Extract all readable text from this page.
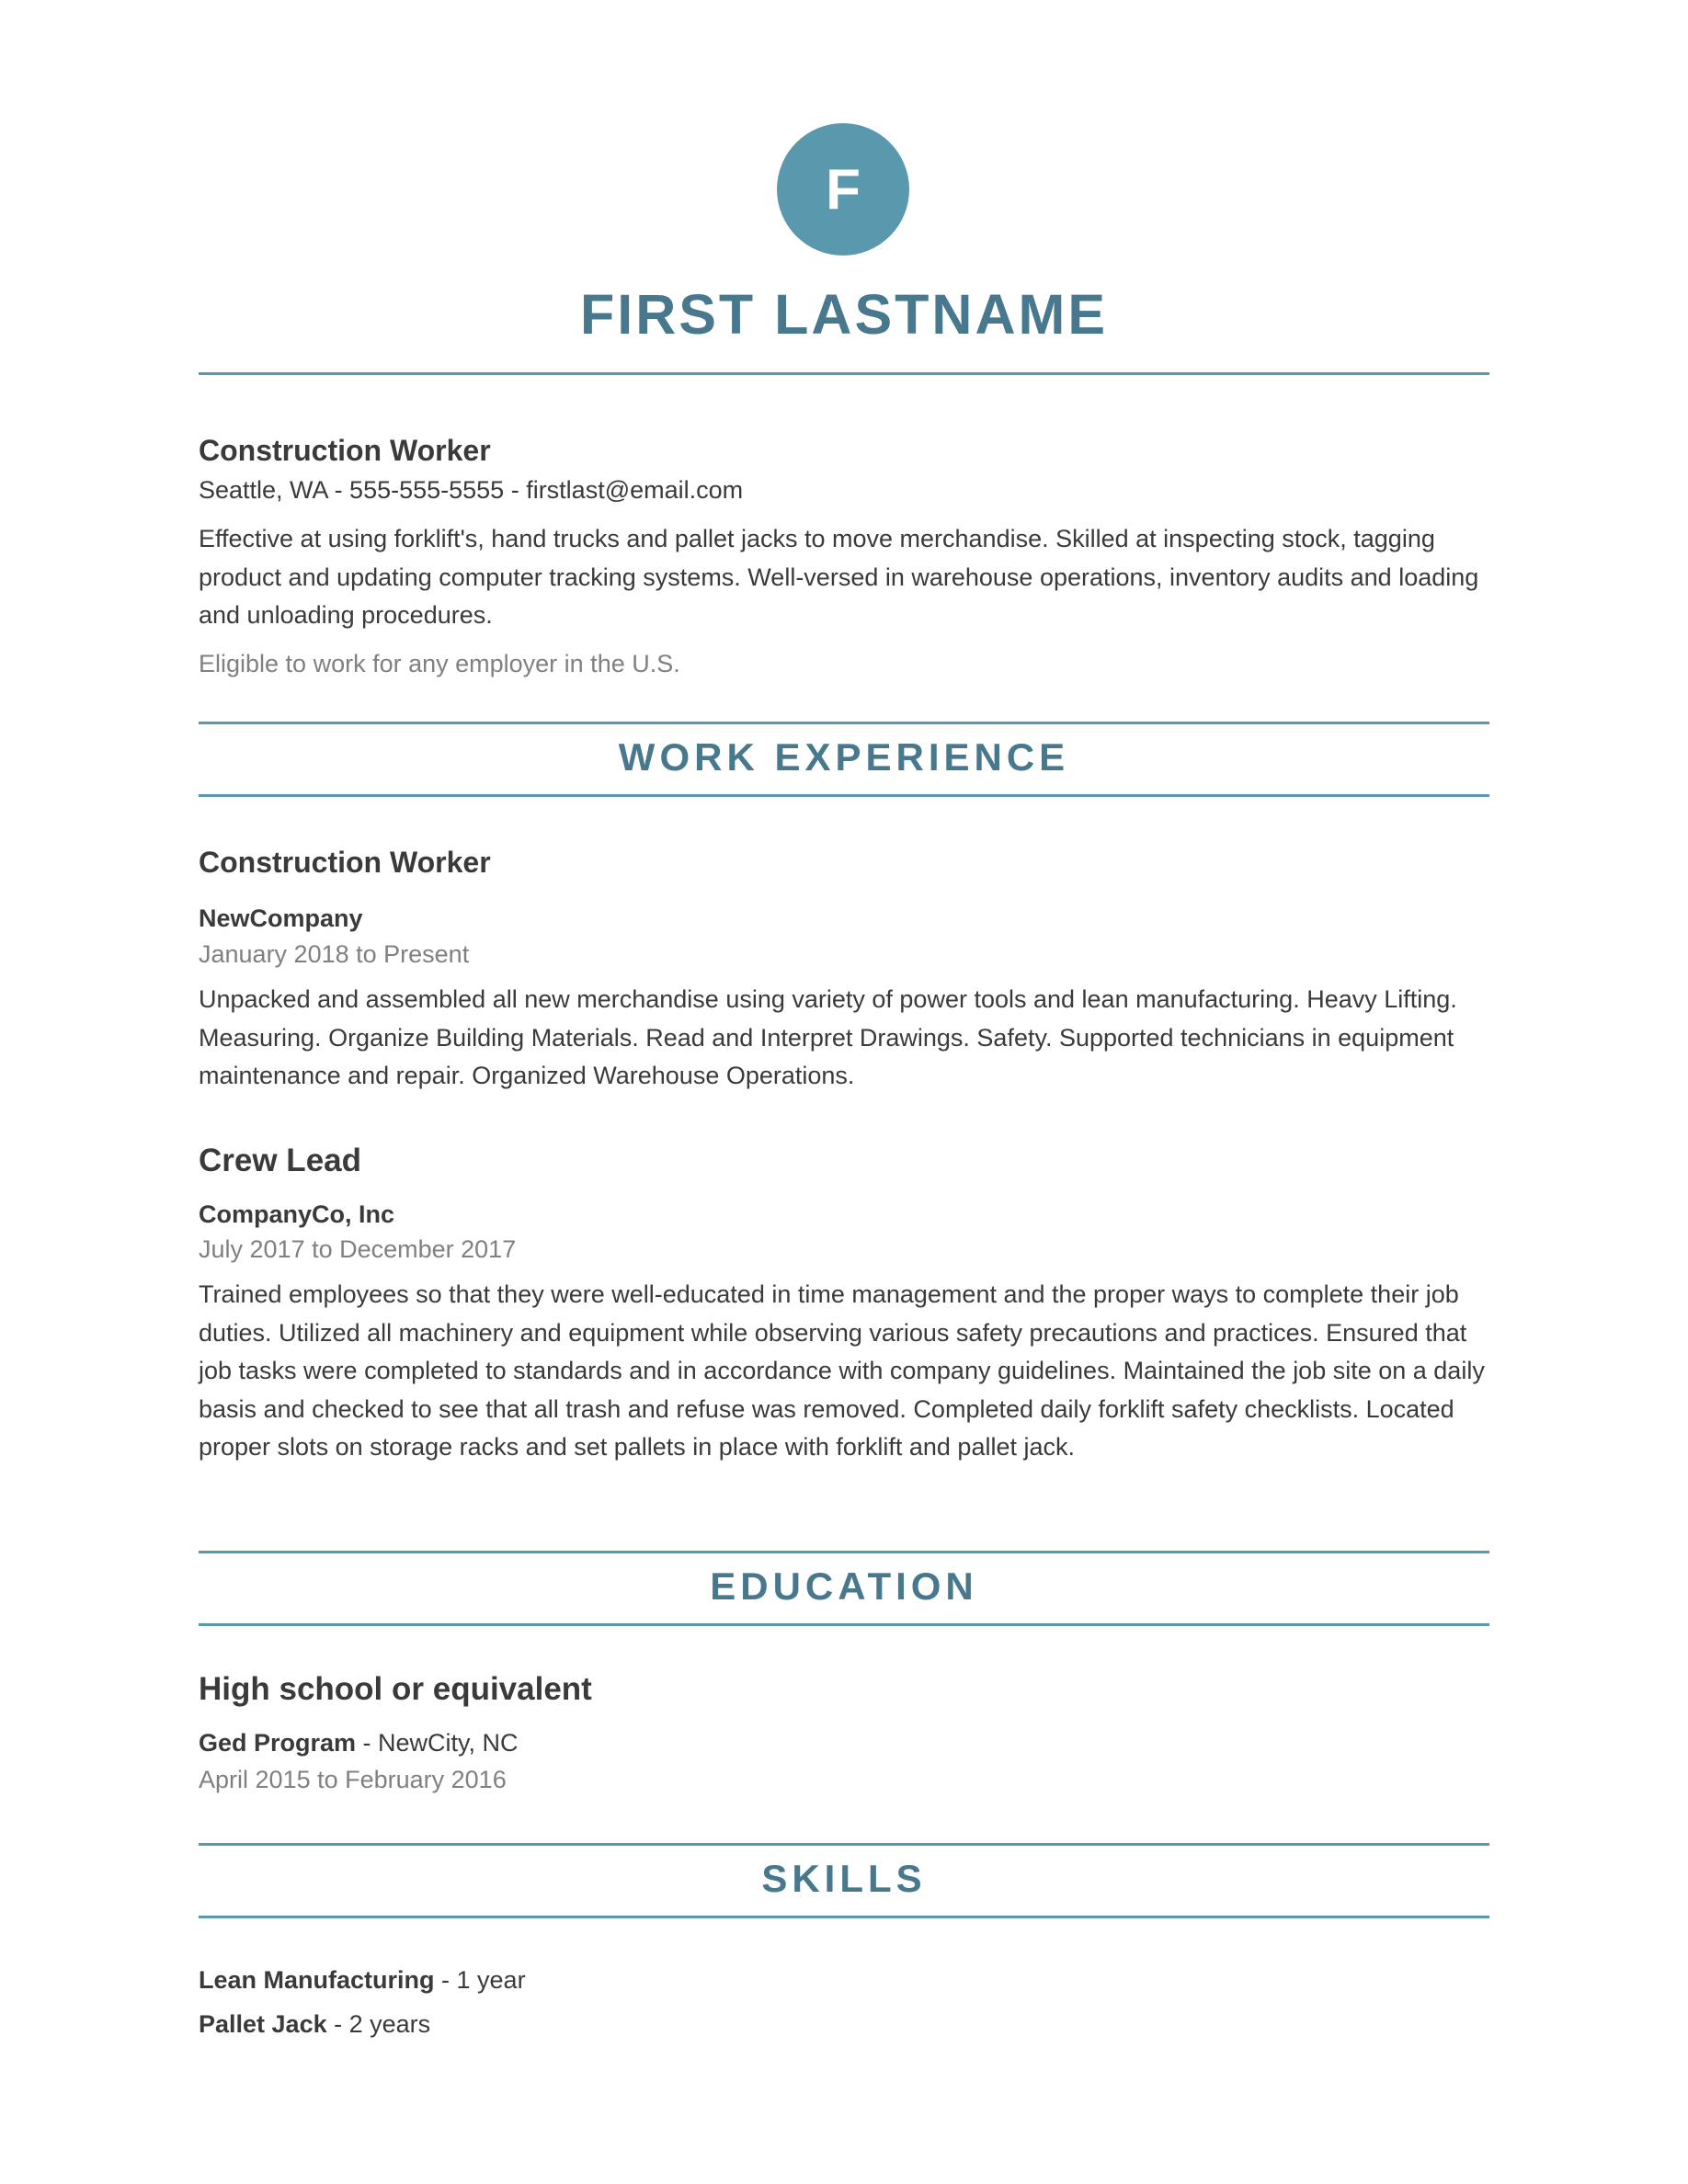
F
FIRST LASTNAME
Construction Worker
Seattle, WA - 555-555-5555 - firstlast@email.com
Effective at using forklift's, hand trucks and pallet jacks to move merchandise. Skilled at inspecting stock, tagging product and updating computer tracking systems. Well-versed in warehouse operations, inventory audits and loading and unloading procedures.
Eligible to work for any employer in the U.S.
WORK EXPERIENCE
Construction Worker
NewCompany
January 2018 to Present
Unpacked and assembled all new merchandise using variety of power tools and lean manufacturing. Heavy Lifting. Measuring. Organize Building Materials. Read and Interpret Drawings. Safety. Supported technicians in equipment maintenance and repair. Organized Warehouse Operations.
Crew Lead
CompanyCo, Inc
July 2017 to December 2017
Trained employees so that they were well-educated in time management and the proper ways to complete their job duties. Utilized all machinery and equipment while observing various safety precautions and practices. Ensured that job tasks were completed to standards and in accordance with company guidelines. Maintained the job site on a daily basis and checked to see that all trash and refuse was removed. Completed daily forklift safety checklists. Located proper slots on storage racks and set pallets in place with forklift and pallet jack.
EDUCATION
High school or equivalent
Ged Program - NewCity, NC
April 2015 to February 2016
SKILLS
Lean Manufacturing - 1 year
Pallet Jack - 2 years
